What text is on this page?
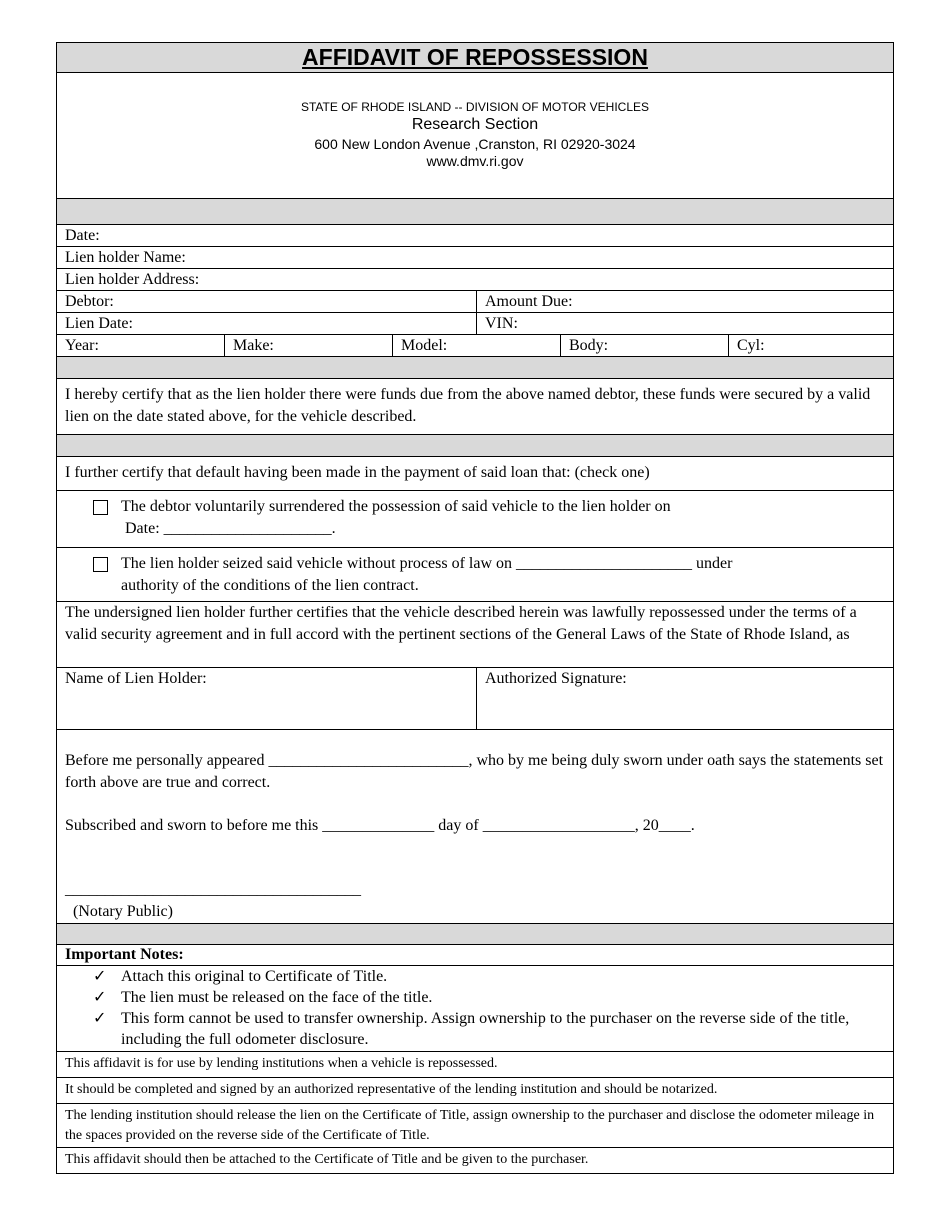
AFFIDAVIT OF REPOSSESSION
STATE OF RHODE ISLAND -- DIVISION OF MOTOR VEHICLES
Research Section
600 New London Avenue ,Cranston, RI 02920-3024
www.dmv.ri.gov
Date:
Lien holder Name:
Lien holder Address:
Debtor:	Amount Due:
Lien Date:	VIN:
Year:	Make:	Model:	Body:	Cyl:
I hereby certify that as the lien holder there were funds due from the above named debtor, these funds were secured by a valid lien on the date stated above, for the vehicle described.
I further certify that default having been made in the payment of said loan that: (check one)
The debtor voluntarily surrendered the possession of said vehicle to the lien holder on
Date: _____________________.
The lien holder seized said vehicle without process of law on ______________________ under
authority of the conditions of the lien contract.
The undersigned lien holder further certifies that the vehicle described herein was lawfully repossessed under the terms of a valid security agreement and in full accord with the pertinent sections of the General Laws of the State of Rhode Island, as
Name of Lien Holder:	Authorized Signature:
Before me personally appeared _________________________, who by me being duly sworn under oath says the statements set forth above are true and correct.
Subscribed and sworn to before me this ______________ day of ___________________, 20____.
_____________________________________
(Notary Public)
Important Notes:
✓ Attach this original to Certificate of Title.
✓ The lien must be released on the face of the title.
✓ This form cannot be used to transfer ownership. Assign ownership to the purchaser on the reverse side of the title, including the full odometer disclosure.
This affidavit is for use by lending institutions when a vehicle is repossessed.
It should be completed and signed by an authorized representative of the lending institution and should be notarized.
The lending institution should release the lien on the Certificate of Title, assign ownership to the purchaser and disclose the odometer mileage in the spaces provided on the reverse side of the Certificate of Title.
This affidavit should then be attached to the Certificate of Title and be given to the purchaser.
